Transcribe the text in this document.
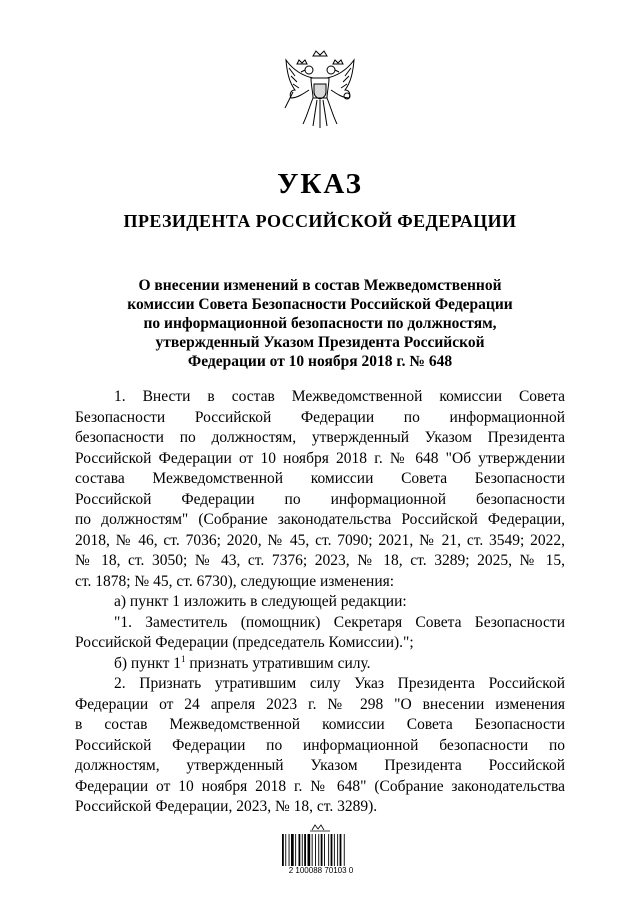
УКАЗ
ПРЕЗИДЕНТА РОССИЙСКОЙ ФЕДЕРАЦИИ
О внесении изменений в состав Межведомственной
комиссии Совета Безопасности Российской Федерации
по информационной безопасности по должностям,
утвержденный Указом Президента Российской
Федерации от 10 ноября 2018 г. № 648
1. Внести в состав Межведомственной комиссии Совета
Безопасности Российской Федерации по информационной
безопасности по должностям, утвержденный Указом Президента
Российской Федерации от 10 ноября 2018 г. № 648 "Об утверждении
состава Межведомственной комиссии Совета Безопасности
Российской Федерации по информационной безопасности
по должностям" (Собрание законодательства Российской Федерации,
2018, № 46, ст. 7036; 2020, № 45, ст. 7090; 2021, № 21, ст. 3549; 2022,
№ 18, ст. 3050; № 43, ст. 7376; 2023, № 18, ст. 3289; 2025, № 15,
ст. 1878; № 45, ст. 6730), следующие изменения:
а) пункт 1 изложить в следующей редакции:
"1. Заместитель (помощник) Секретаря Совета Безопасности
Российской Федерации (председатель Комиссии).";
б) пункт $1^1$ признать утратившим силу.
2. Признать утратившим силу Указ Президента Российской
Федерации от 24 апреля 2023 г. № 298 "О внесении изменения
в состав Межведомственной комиссии Совета Безопасности
Российской Федерации по информационной безопасности по
должностям, утвержденный Указом Президента Российской
Федерации от 10 ноября 2018 г. № 648" (Собрание законодательства
Российской Федерации, 2023, № 18, ст. 3289).
2 100088 70103 0
